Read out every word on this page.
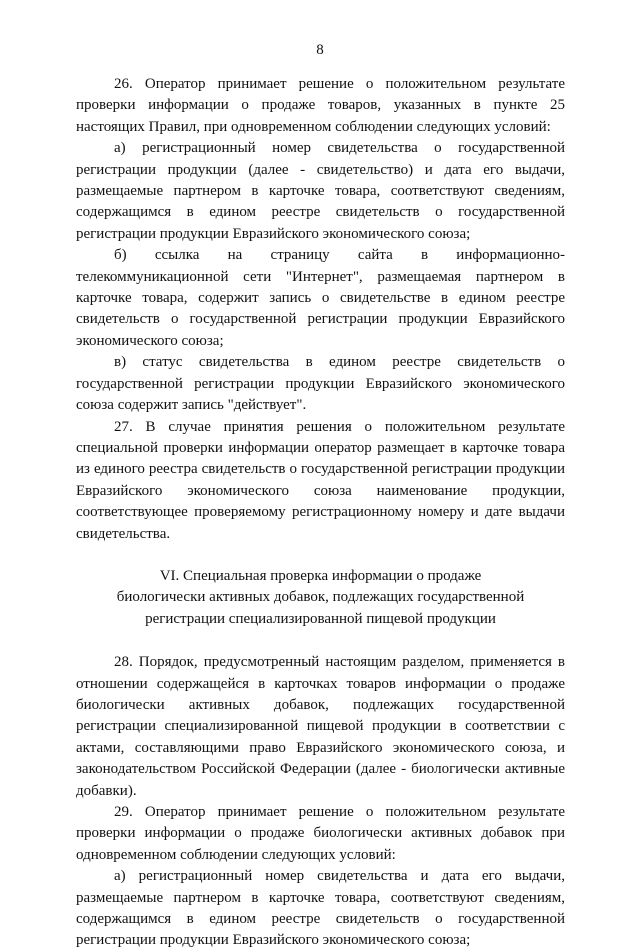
8

26. Оператор принимает решение о положительном результате проверки информации о продаже товаров, указанных в пункте 25 настоящих Правил, при одновременном соблюдении следующих условий:

а) регистрационный номер свидетельства о государственной регистрации продукции (далее - свидетельство) и дата его выдачи, размещаемые партнером в карточке товара, соответствуют сведениям, содержащимся в едином реестре свидетельств о государственной регистрации продукции Евразийского экономического союза;

б) ссылка на страницу сайта в информационно-телекоммуникационной сети "Интернет", размещаемая партнером в карточке товара, содержит запись о свидетельстве в едином реестре свидетельств о государственной регистрации продукции Евразийского экономического союза;

в) статус свидетельства в едином реестре свидетельств о государственной регистрации продукции Евразийского экономического союза содержит запись "действует".

27. В случае принятия решения о положительном результате специальной проверки информации оператор размещает в карточке товара из единого реестра свидетельств о государственной регистрации продукции Евразийского экономического союза наименование продукции, соответствующее проверяемому регистрационному номеру и дате выдачи свидетельства.

VI. Специальная проверка информации о продаже
биологически активных добавок, подлежащих государственной
регистрации специализированной пищевой продукции

28. Порядок, предусмотренный настоящим разделом, применяется в отношении содержащейся в карточках товаров информации о продаже биологически активных добавок, подлежащих государственной регистрации специализированной пищевой продукции в соответствии с актами, составляющими право Евразийского экономического союза, и законодательством Российской Федерации (далее - биологически активные добавки).

29. Оператор принимает решение о положительном результате проверки информации о продаже биологически активных добавок при одновременном соблюдении следующих условий:

а) регистрационный номер свидетельства и дата его выдачи, размещаемые партнером в карточке товара, соответствуют сведениям, содержащимся в едином реестре свидетельств о государственной регистрации продукции Евразийского экономического союза;
